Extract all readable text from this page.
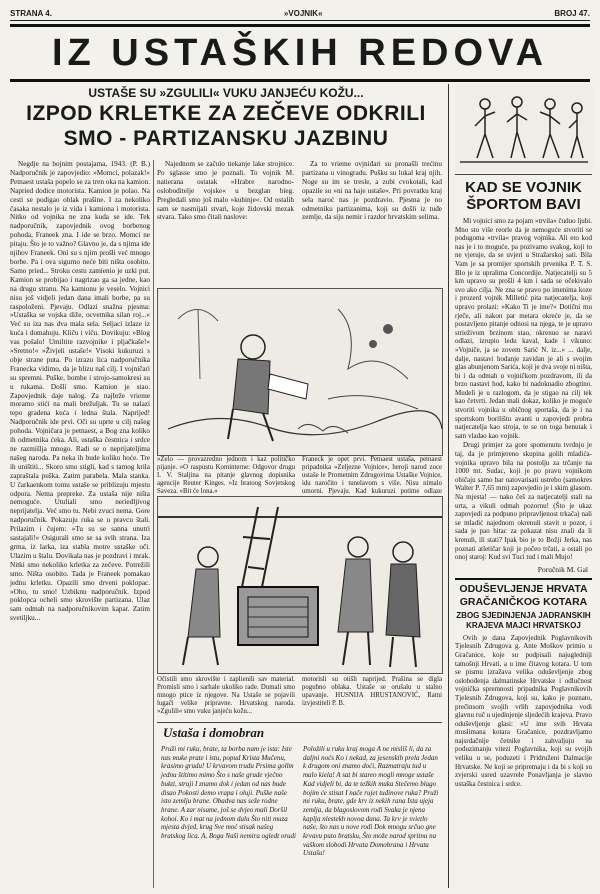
STRANA 4.	»VOJNIK«	BROJ 47.
IZ USTAŠKIH REDOVA
USTAŠE SU »ZGULILI« VUKU JANJEĆU KOŽU...
IZPOD KRLETKE ZA ZEČEVE ODKRILI
SMO - PARTIZANSKU JAZBINU

Negdje na bojnim postajama, 1943. (P. B.) Nadporučnik je zapovjedio: »Momci, polazak!« Petnaest ustaša popelo se za tren oka na kamion. Napried dodice motorista. Kamion je polao. Na cesti se podigao oblak prašine. I za nekoliko časaka nestalo je iz vida i kamiona i motorista. Nitko od vojnika ne zna kuda se ide. Tek nadporučnik, zapovjednik ovog borbenog pohoda, Franeek zna. I ide se brzo. Momci ne pitaju. Što je to važno? Glavno je, da s njima ide njihov Franeek. Oni su s njim prošli već mnogo borbe. Pa i ova sigurno neće biti ništa osobito. Samo pried... Stroku cestu zamienio je uzki put. Kamion se probijao i nagrizao ga sa jedne, kao na drugu stranu. Na kamionu je veselo. Vojnici nisu još vidjeli jedan dana imali borbe, pa su raspoloženi. Pjevaju. Odlazi snažna pjesma: »Ustaška se vojska diže, ocvetnika silan roj...« Već su iza nas dva mala sela. Seljaci izlaze iz kuća i domahuju. Kliču i viču. Dovikuju: »Blog vas pošalo! Umiltite razvojnike i pljačkaše!« »Sretno!« »Živjeli ustaše!« Visoki kukuruzi s obje strane puta. Po izrazu lica nadporučnika Franecka vidimo, da je blizu naš cilj. I vojničari su spremni. Puške, bombe i strojo-samokresi su u rukama. Došli smo. Kamion je stao. Zapovjednik daje nalog. Za najbrže vrieme moramo stići na mali brežuljak. Tu se nalazi tepo gradena kuća i ledna štala. Naprijed! Nadporučnik ide prvi. Oči su uprte u cilj našeg pohoda. Vojničara je petnaest, a Bog zna koliko ih odmetnika ćeka. Ali, ustaška čestnica i srdce ne razmišlja mnogo. Radi se o neprijateljima našeg naroda. Pa neka ih bude koliko hoće. Tre ih uništiti... Skoro smo stigli, kad s tamog krila zapraštala puška. Zatim parabela. Mala stanka. U čarkaenkom tomu ustaše se priblizuju mjestu odpora. Nema prepreke. Za ustaša nije ništa nemoguće. Utuliali smo neriedljivog neprijatelja. Već smo tu. Nebi zvuci nema. Gore nadporučnik. Pokazuju ruka se u pravcu štali. Prilazim i čujem: »Tu su se sanna unutri sastajali!« Osigurali smo se sa svih strana. Iza grma, iz larka, iza stabla motre ustaške oči. Ulazim u štalu. Dovikala nas je pozdravi i mrak. Nitki smo nekoliko krletka za zečeve. Potrežili smo. Ništa osobito. Tada je Franeek pomakao jednu krletku. Opazili smo drveni poklopac. »Oho, tu smo! Uzbiknu nadporučnik. Izpod poklopca ocheli smo skrovište partizana. Ulaz sam odmah na nadporučnikovim kapar. Zatim svetiljku...

Najednom se začulo tiekanje lake strojnice. Po sglasse smo je poznali. To vojnik M. natierana ostatak »Hrabre narodno-osloboditelje vojske« u bezglan bieg. Pregledali smo još malo »kuhinje«. Od ostalih sam se nasmijali stvari, koje židovski mezak stvara. Tako smo čitali naslove:

Za to vrieme ovjniđari su pronašli trećinu partizana u vinogradu. Pušku su lukal kraj njih. Noge su im se tresle, a zubi cvokotali, kad opazile su »ni na haje ustaše«. Pri povratku kraj sela naroć nas je pozdravio. Pjesma je no odmetniku partizanima, koji su došli iz tuđe zemlje, da siju nemir i razdor hrvatskim selima.

»Zelo — provazredno jednom i kaz političko pijanje. »O raspustu Kominterne: Odgovor drugu I. V. Staljina na pitanje glavnog dopisnika agencije Reuter Kinges. »Iz bratoog Sovjetskog Saveza. »Bit će lona.«
Franeck je opet prvi. Petnaest ustaša, petnaest pripadnika »Zeljezne Vojnice«, heroji narod zoce ustaše le Prometnim Zdrugovima Ustaške Vojnice, idu naročito i tunelavom s više. Nisu nimalo umorni. Pjevaju. Kad kukuruzi potime odlaze
Očistili smo skrovište i zaplienili sav material. Promisli smo i sarhale ukoliko rade. Dumali smo mnogo ptice iz njegove. Na Ustaše se pojavili lugači velike pripravne. Hrvatskog naroda. »Zgulili« smo vuku janjeću kožu...
motorisli su otišli naprijed. Prašina se digla pogubno oblaka. Ustaše se orušalu u stalno upavanje. HUSNIJA HRUSTANOVIĆ, Ratni izvjestiteli P. B.
Ustaša i domobran
Pruži mi ruku, brate, ta borba nam je ista: Iste nas muke prate i istu, popud Krista Mučenu, krasimo grudu! U krvavom trudu Prsima gollm jednu štitimo mimo Što s naše grude vječno bukti, struji I znamo dok i jedan od nas bude disao Pokosti demo vrapa i oluji. Puške naše isto zemlju brane. Obadva nas seže rodne hrane. A zar nisame, još se dvjeo mali Doršil kohoi. Ko i mat na jednom dalu Što niti muza mjesta dvjed, krug Sve moć stisak našeg bratskog lica. A, Bogu Naši nemira ogledt orudi
Položili u ruku kraj moga A ne misliš li, da za daljni noćs Ko i nekad, za jesenskih prela Jedan k drugom oni znamo doći, Razmatraju tud u malo kiela! A sat bi stareo mogli mnoge ustaše Kad vidjeli bi, da te težkih muka Stečemo blago bojim će stisat I nače rujet tuđinove ruka? Pruži mi ruku, brate, gde krv iz nekih rana Ista ujeja zemlja, da blagoslovom rodi Svaka je njena kaplja nlestekh novoa dana. Ta krv je svietlo naše, što nas u nove rodi Dok mnogu srčuo gne krvavu puto bratsku, Što može narod spritnu na vaškom slobodi Hrvata Domobrana i Hrvata Ustašu!
KAD SE VOJNIK ŠPORTOM BAVI

Mi vojnici smo za pojam »trvila« čuduo ljubi. Mno sto više reorle da je nemoguće stvoriti se podugoma »trvila« pravog vojnika. Ali eto kod nas je i to moguće, pa pozivamo svakog, koji to ne vjeruje, da se uvjeri u Stražarskoj sati. Bila Vam je sa promijer sportskih prvenika P. T. S. Blo je iz upralima Concordije. Natjecatelji su 5 km upravo su prošli 4 km i sada se očekivalo svo ako cilja. Ne zna se pravo po imenima koze i prozerd vojnik Milletić pita natjecatelja, koji upravo prolazi: »Kako Ti je ime?« Dotični mu rječe, ali nakon par metara okreće je, da se postavljeno pitanje odnosi na njega, te je upravo strieživom brzinom stao, okrenuo se naravi odlazi, izrupio ledu kaval, kade i vikuno: »Vojniče, ja se zovem Sarić N. iz...« ... dalje, dalje, nastavi hodanje zavidan je ali s svojim glas abunjenom Sarića, koji je dva svoje ni ništa, bi i da odmah u vojničkom pozdravom, ili da brzo nastavi hod, kako bi nadoknadio zbogtino. Mudeli je u razlogom, da je stigao na cilj tek kao četvrti. Jedan mali dokaz, koliko je moguće stvoriti vojnika u običnog sportaša, da je i na sportskom borilištu avanti u zapovjedi probra natjecatelja kao stroja, te se on toga benutak i sam vladao kao vojnik.

Drugi primjer za gore spomenutu tvrdnju je taj, da je primjereno skupina golih mladića-vojnika upravo bila na postolju za trčanje na 1000 mt. Sudac, koji je po pravu vojnikom običaju samo bar natovarisati ustrebo (samokres Walter P. 7,65 mm) zapovjedio je i skim glasom. Na mjesta! — nako češ za natjecatelji stali na urta, a vikuli odmah pozornu! (Što je ukaz zapovjedi za podpuno pripravljenost trkača) nali se mladić najednom okrenuli stavit u pozor, i sada je pao hitac za pokazat nisu znali da li krenuli, ili stati? Ipak bio je to Božji Jerka, nas poznati atletičar koji je počeo trčati, a ostali po onoj staroj: Kud svi Tuci tud i mali Mujo!

Poručnik M. Gal
ODUŠEVLJENJE HRVATA GRAČANIČKOG KOTARA
ZBOG SJEDINJENJA JADRANSKIH KRAJEVA MAJCI HRVATSKOJ

Ovih je dana Zapovjednik Poglavnikovih Tjelesnih Zdrugova g. Ante Moškov primio u Gračanice, koje su podpisali najugledniji tamošnji Hrvati, a u ime čitavog kotara. U tom se pismu izražava velika oduševljenje zbog oslobođenja dalmatinske Hrvatske i odlučnost vojnička spremnosti pripadnika Poglavnikovih Tjelesnih Zdrugova, koji su, kako je poznato, prečinsom svojih vrlih zapovjednika vodi glavnu ruč u ujedinjenje sljedećih krajeva. Pravo oduševljenje glasi: »U ime svih Hrvata muslimana kotara Gračanice, pozdravljamo najsrdačnije četnike i zahvaljuju na poduzimanju vitezi Poglavnika, koji su svojih veliku u se, poduzeti i Pridruženi Dalmacije Hrvatske. Ne koji se pripremaju i da bi s koji su zvjerski usred uzavrele Ponavljanja je slavno ustaška čestnica i srdce.
